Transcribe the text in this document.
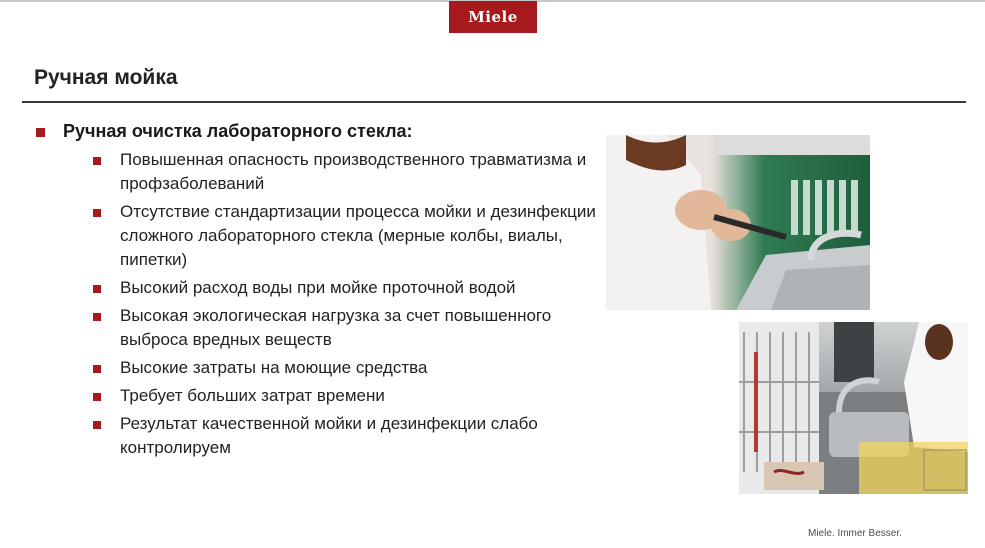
Miele
Ручная мойка
Ручная очистка лабораторного стекла:
Повышенная опасность производственного травматизма и профзаболеваний
Отсутствие стандартизации процесса мойки и дезинфекции сложного лабораторного стекла (мерные колбы, виалы, пипетки)
Высокий расход воды при мойке проточной водой
Высокая экологическая нагрузка за счет повышенного выброса вредных веществ
Высокие затраты на моющие средства
Требует больших затрат времени
Результат качественной мойки и дезинфекции слабо контролируем
Miele. Immer Besser.
